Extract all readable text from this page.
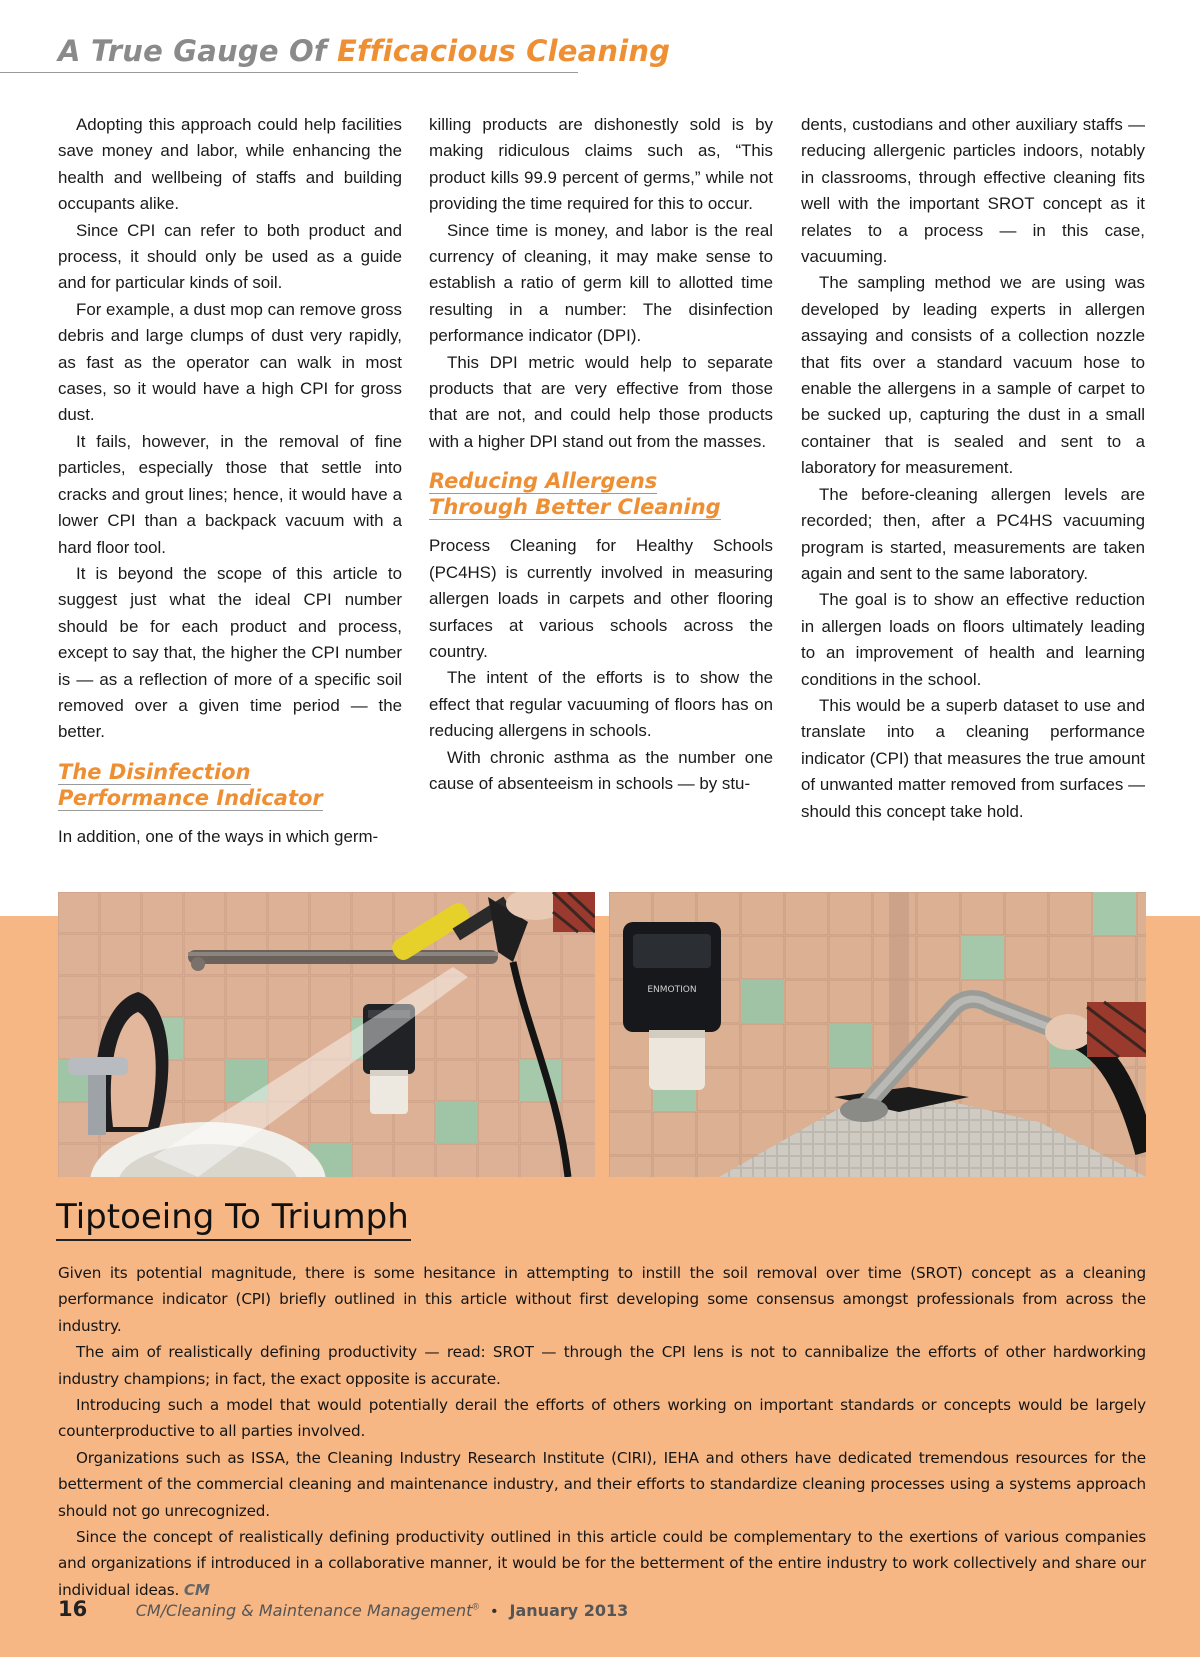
A True Gauge Of Efficacious Cleaning

Adopting this approach could help facilities save money and labor, while enhancing the health and wellbeing of staffs and building occupants alike.

Since CPI can refer to both product and process, it should only be used as a guide and for particular kinds of soil.

For example, a dust mop can remove gross debris and large clumps of dust very rapidly, as fast as the operator can walk in most cases, so it would have a high CPI for gross dust.

It fails, however, in the removal of fine particles, especially those that settle into cracks and grout lines; hence, it would have a lower CPI than a backpack vacuum with a hard floor tool.

It is beyond the scope of this article to suggest just what the ideal CPI number should be for each product and process, except to say that, the higher the CPI number is — as a reflection of more of a specific soil removed over a given time period — the better.

The Disinfection
Performance Indicator

In addition, one of the ways in which germ-

killing products are dishonestly sold is by making ridiculous claims such as, “This product kills 99.9 percent of germs,” while not providing the time required for this to occur.

Since time is money, and labor is the real currency of cleaning, it may make sense to establish a ratio of germ kill to allotted time resulting in a number: The disinfection performance indicator (DPI).

This DPI metric would help to separate products that are very effective from those that are not, and could help those products with a higher DPI stand out from the masses.

Reducing Allergens
Through Better Cleaning

Process Cleaning for Healthy Schools (PC4HS) is currently involved in measuring allergen loads in carpets and other flooring surfaces at various schools across the country.

The intent of the efforts is to show the effect that regular vacuuming of floors has on reducing allergens in schools.

With chronic asthma as the number one cause of absenteeism in schools — by stu-

dents, custodians and other auxiliary staffs — reducing allergenic particles indoors, notably in classrooms, through effective cleaning fits well with the important SROT concept as it relates to a process — in this case, vacuuming.

The sampling method we are using was developed by leading experts in allergen assaying and consists of a collection nozzle that fits over a standard vacuum hose to enable the allergens in a sample of carpet to be sucked up, capturing the dust in a small container that is sealed and sent to a laboratory for measurement.

The before-cleaning allergen levels are recorded; then, after a PC4HS vacuuming program is started, measurements are taken again and sent to the same laboratory.

The goal is to show an effective reduction in allergen loads on floors ultimately leading to an improvement of health and learning conditions in the school.

This would be a superb dataset to use and translate into a cleaning performance indicator (CPI) that measures the true amount of unwanted matter removed from surfaces — should this concept take hold.

ENMOTION
Tiptoeing To Triumph

Given its potential magnitude, there is some hesitance in attempting to instill the soil removal over time (SROT) concept as a cleaning performance indicator (CPI) briefly outlined in this article without first developing some consensus amongst professionals from across the industry.

The aim of realistically defining productivity — read: SROT — through the CPI lens is not to cannibalize the efforts of other hardworking industry champions; in fact, the exact opposite is accurate.

Introducing such a model that would potentially derail the efforts of others working on important standards or concepts would be largely counterproductive to all parties involved.

Organizations such as ISSA, the Cleaning Industry Research Institute (CIRI), IEHA and others have dedicated tremendous resources for the betterment of the commercial cleaning and maintenance industry, and their efforts to standardize cleaning processes using a systems approach should not go unrecognized.

Since the concept of realistically defining productivity outlined in this article could be complementary to the exertions of various companies and organizations if introduced in a collaborative manner, it would be for the betterment of the entire industry to work collectively and share our individual ideas. CM

16	CM/Cleaning & Maintenance Management® • January 2013
